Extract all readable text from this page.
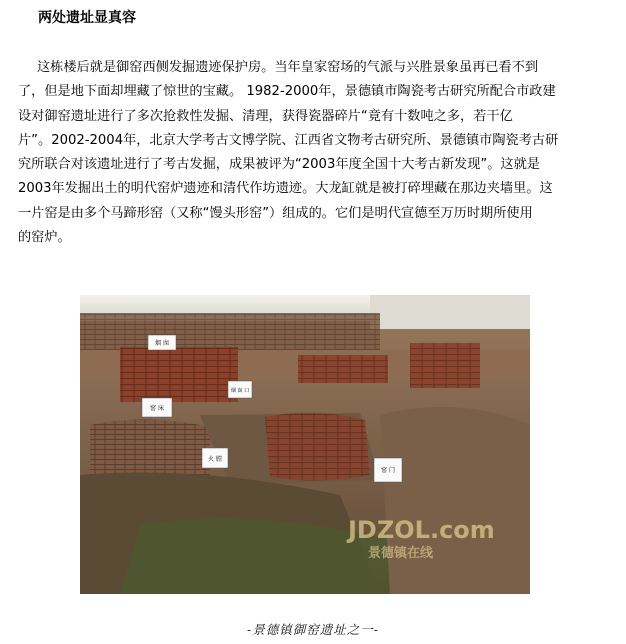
两处遗址显真容
这栋楼后就是御窑西侧发掘遗迹保护房。当年皇家窑场的气派与兴胜景象虽再已看不到
了，但是地下面却埋藏了惊世的宝藏。 1982-2000年，景德镇市陶瓷考古研究所配合市政建
设对御窑遗址进行了多次抢救性发掘、清理，获得瓷器碎片“竟有十数吨之多，若干亿
片”。2002-2004年，北京大学考古文博学院、江西省文物考古研究所、景德镇市陶瓷考古研
究所联合对该遗址进行了考古发掘，成果被评为“2003年度全国十大考古新发现”。这就是
2003年发掘出土的明代窑炉遗迹和清代作坊遗迹。大龙缸就是被打碎埋藏在那边夹墙里。这
一片窑是由多个马蹄形窑（又称“馒头形窑”）组成的。它们是明代宣德至万历时期所使用
的窑炉。
烟 囱
窑 床
烟 囱 口
火 膛
窑 门
JDZOL.com
景德镇在线
-景德镇御窑遗址之一-
